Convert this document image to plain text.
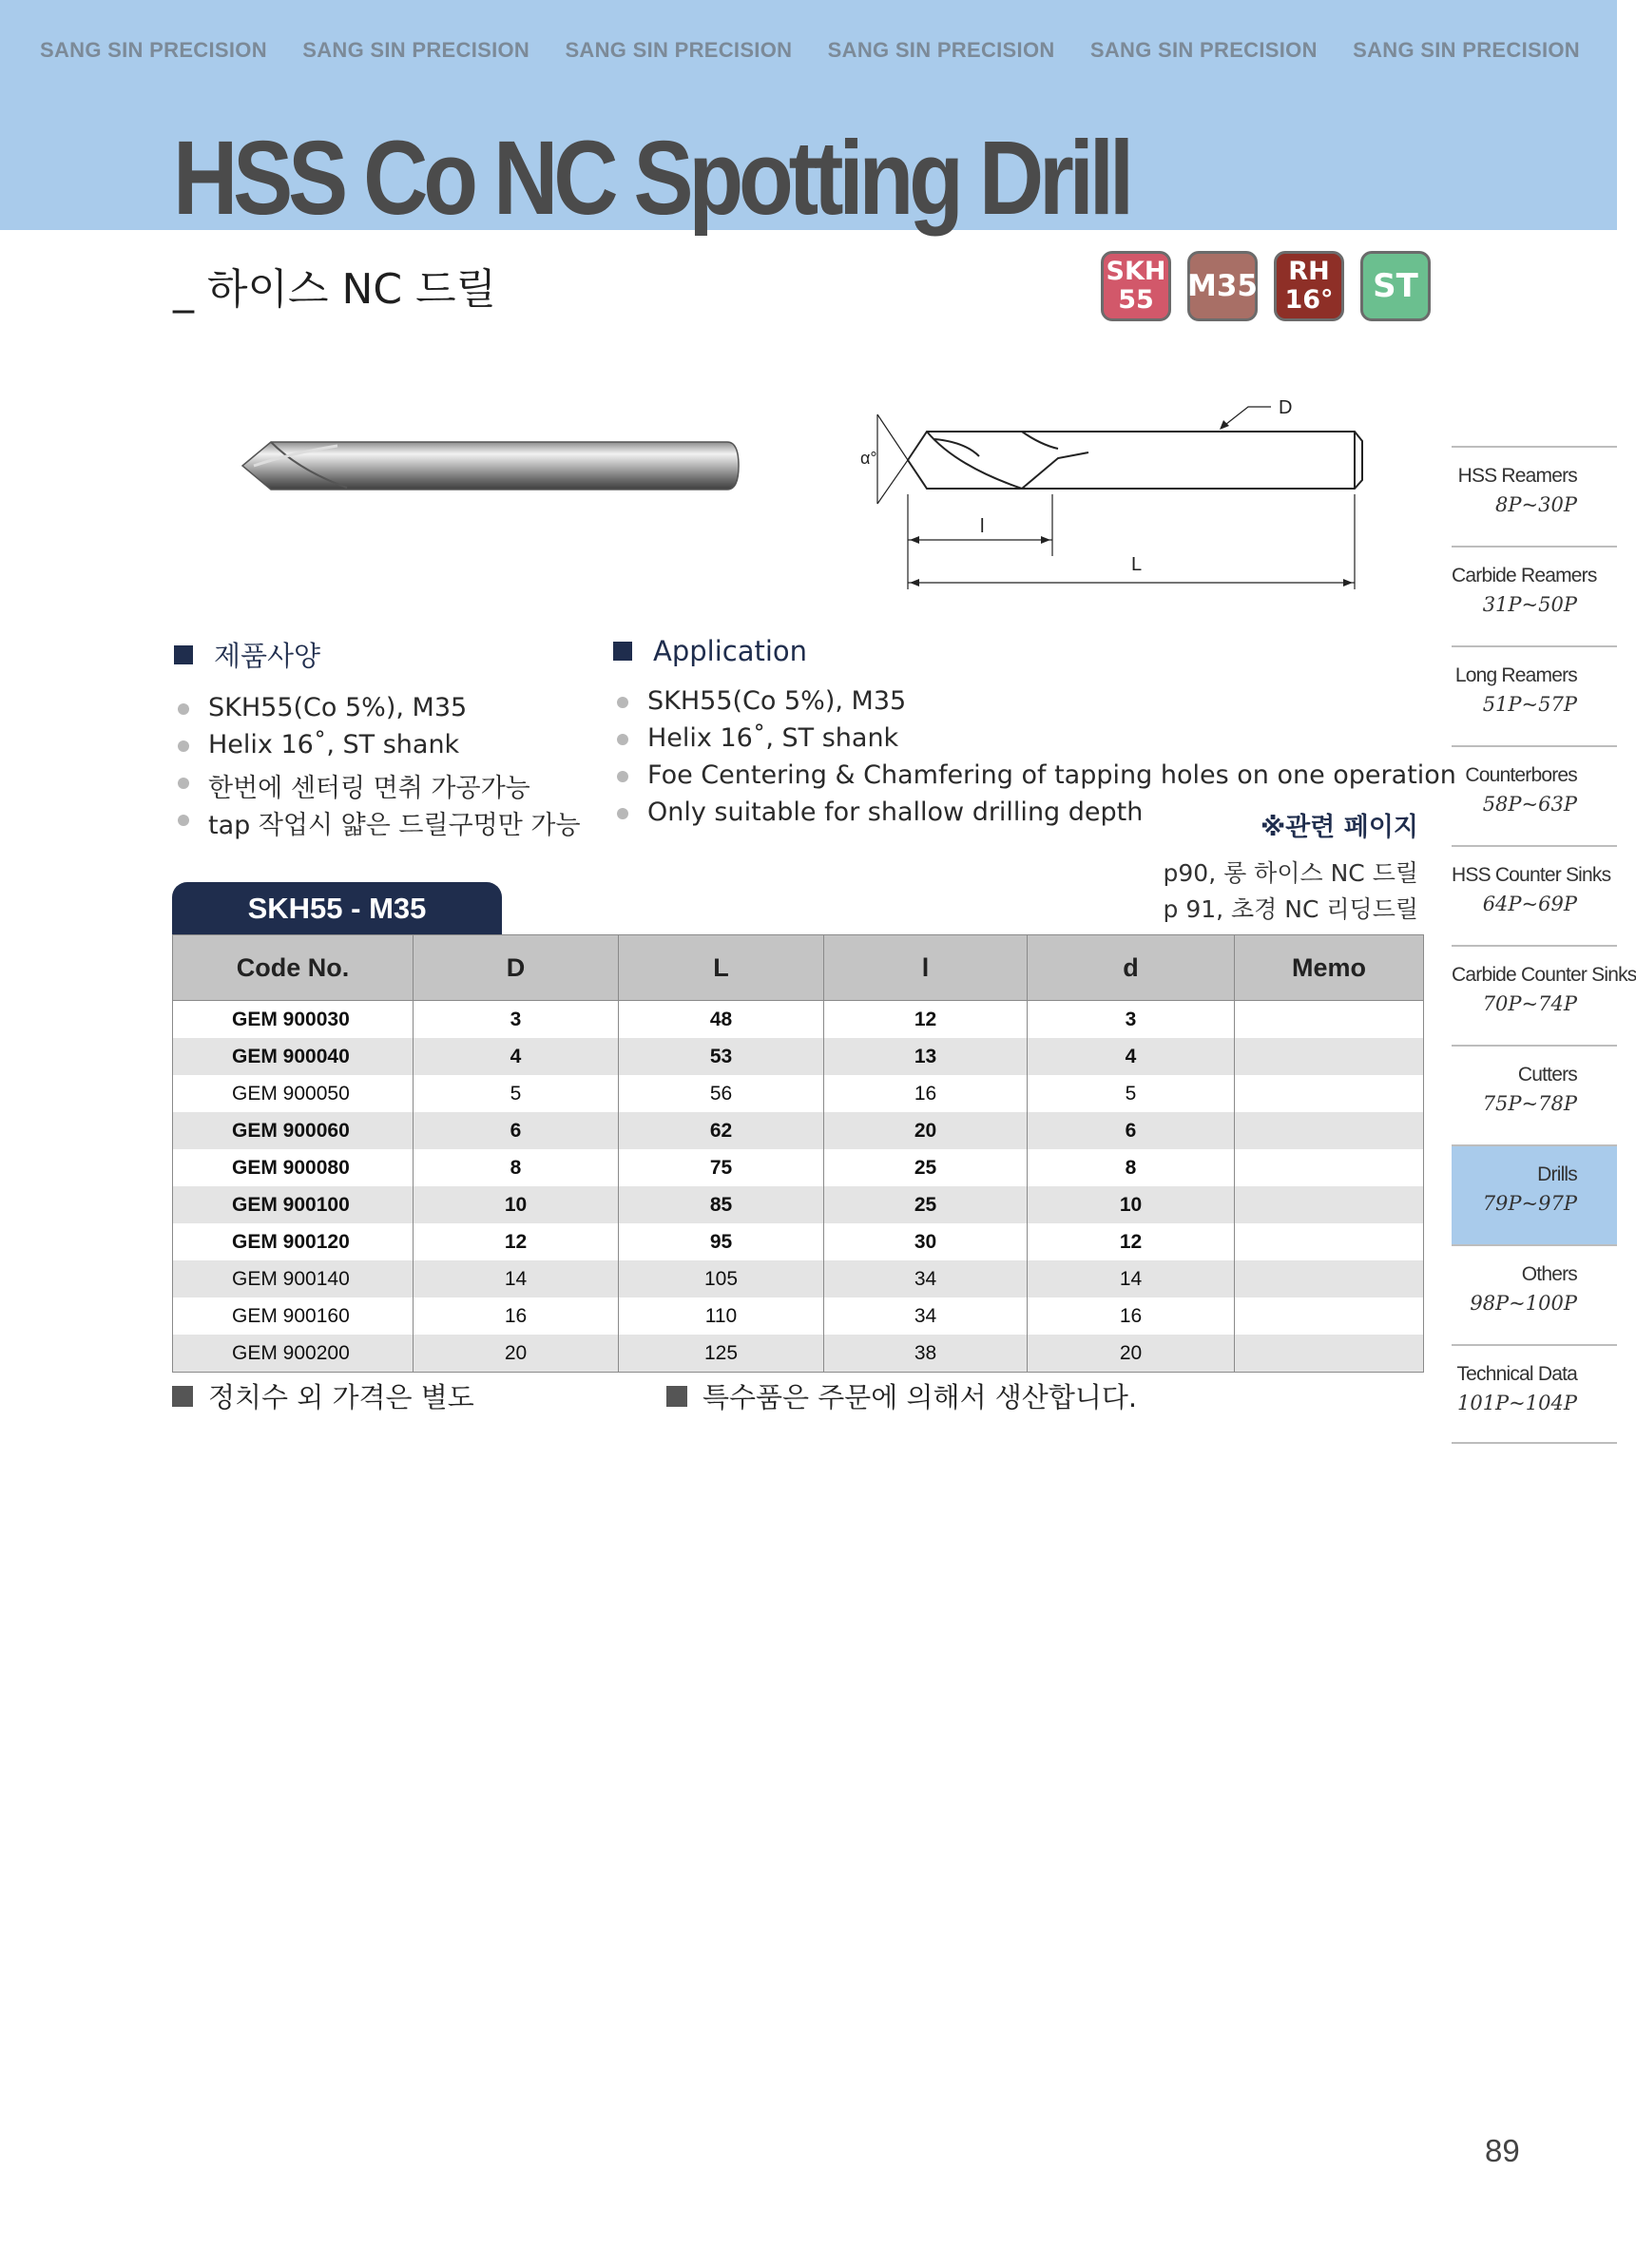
SANG SIN PRECISION SANG SIN PRECISION SANG SIN PRECISION SANG SIN PRECISION SANG SIN PRECISION SANG SIN PRECISION
HSS Co NC Spotting Drill
_ 하이스 NC 드릴	SKH
55 M35 RH
16° ST
D
α°
l
L
HSS Reamers
8P~30P
Carbide Reamers
31P~50P
Long Reamers
51P~57P
Counterbores
58P~63P
HSS Counter Sinks
64P~69P
Carbide Counter Sinks
70P~74P
Cutters
75P~78P
Drills
79P~97P
Others
98P~100P
Technical Data
101P~104P
제품사양
SKH55(Co 5%), M35
Helix 16˚, ST shank
한번에 센터링 면취 가공가능
tap 작업시 얇은 드릴구멍만 가능
Application
SKH55(Co 5%), M35
Helix 16˚, ST shank
Foe Centering & Chamfering of tapping holes on one operation
Only suitable for shallow drilling depth
※관련 페이지
p90, 롱 하이스 NC 드릴
p 91, 초경 NC 리딩드릴
SKH55 - M35
Code No.	D	L	l	d	Memo
GEM 900030	3	48	12	3	
GEM 900040	4	53	13	4	
GEM 900050	5	56	16	5	
GEM 900060	6	62	20	6	
GEM 900080	8	75	25	8	
GEM 900100	10	85	25	10	
GEM 900120	12	95	30	12	
GEM 900140	14	105	34	14	
GEM 900160	16	110	34	16	
GEM 900200	20	125	38	20	
정치수 외 가격은 별도	특수품은 주문에 의해서 생산합니다.
89
